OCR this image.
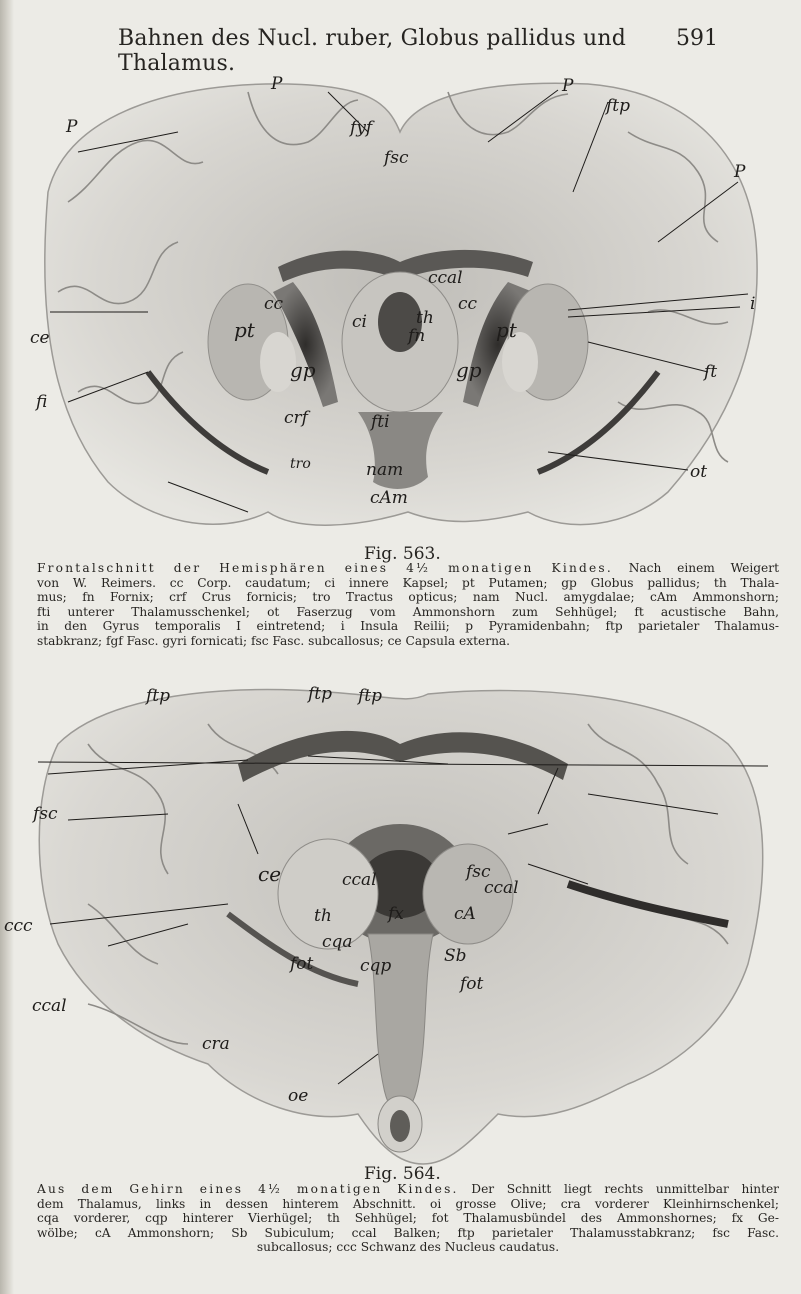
Bahnen des Nucl. ruber, Globus pallidus und Thalamus.
591
P
P	fyf
P
ftp
P
fsc
ccal
cc	cc
ci	th
fn
ce	pt	pt
i
gp	gp
crf	fti
ft
fi
tro	nam	ot
cAm
Fig. 563.
Frontalschnitt der Hemisphären eines 4½ monatigen Kindes. Nach einem Weigert
von W. Reimers. cc Corp. caudatum; ci innere Kapsel; pt Putamen; gp Globus pallidus; th Thala-
mus; fn Fornix; crf Crus fornicis; tro Tractus opticus; nam Nucl. amygdalae; cAm Ammonshorn;
fti unterer Thalamusschenkel; ot Faserzug vom Ammonshorn zum Sehhügel; ft acustische Bahn,
in den Gyrus temporalis I eintretend; i Insula Reilii; p Pyramidenbahn; ftp parietaler Thalamus-
stabkranz; fgf Fasc. gyri fornicati; fsc Fasc. subcallosus; ce Capsula externa.
ftp	ftp ftp
fsc
ce	ccal	fsc
ccal
ccc	th	fx	cA
cqa
fot	cqp	Sb
fot
ccal
cra
oe
Fig. 564.
Aus dem Gehirn eines 4½ monatigen Kindes. Der Schnitt liegt rechts unmittelbar hinter
dem Thalamus, links in dessen hinterem Abschnitt. oi grosse Olive; cra vorderer Kleinhirnschenkel;
cqa vorderer, cqp hinterer Vierhügel; th Sehhügel; fot Thalamusbündel des Ammonshornes; fx Ge-
wölbe; cA Ammonshorn; Sb Subiculum; ccal Balken; ftp parietaler Thalamusstabkranz; fsc Fasc.
subcallosus; ccc Schwanz des Nucleus caudatus.
